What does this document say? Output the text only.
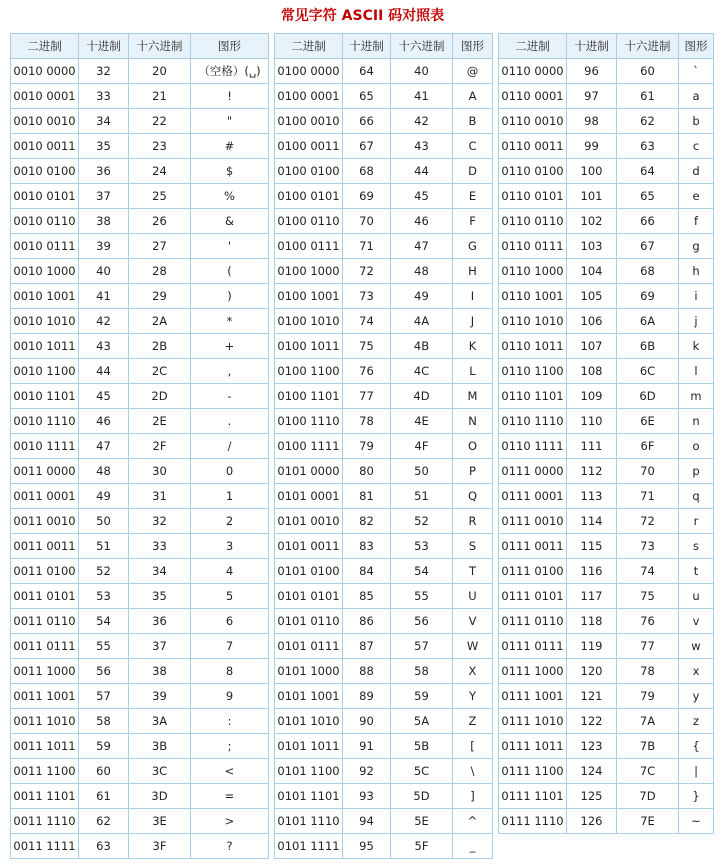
常见字符 ASCII 码对照表
二进制	十进制	十六进制	图形
0010 0000	32	20	（空格）(␣)
0010 0001	33	21	!
0010 0010	34	22	"
0010 0011	35	23	#
0010 0100	36	24	$
0010 0101	37	25	%
0010 0110	38	26	&
0010 0111	39	27	'
0010 1000	40	28	(
0010 1001	41	29	)
0010 1010	42	2A	*
0010 1011	43	2B	+
0010 1100	44	2C	,
0010 1101	45	2D	-
0010 1110	46	2E	.
0010 1111	47	2F	/
0011 0000	48	30	0
0011 0001	49	31	1
0011 0010	50	32	2
0011 0011	51	33	3
0011 0100	52	34	4
0011 0101	53	35	5
0011 0110	54	36	6
0011 0111	55	37	7
0011 1000	56	38	8
0011 1001	57	39	9
0011 1010	58	3A	:
0011 1011	59	3B	;
0011 1100	60	3C	<
0011 1101	61	3D	=
0011 1110	62	3E	>
0011 1111	63	3F	?
二进制	十进制	十六进制	图形
0100 0000	64	40	@
0100 0001	65	41	A
0100 0010	66	42	B
0100 0011	67	43	C
0100 0100	68	44	D
0100 0101	69	45	E
0100 0110	70	46	F
0100 0111	71	47	G
0100 1000	72	48	H
0100 1001	73	49	I
0100 1010	74	4A	J
0100 1011	75	4B	K
0100 1100	76	4C	L
0100 1101	77	4D	M
0100 1110	78	4E	N
0100 1111	79	4F	O
0101 0000	80	50	P
0101 0001	81	51	Q
0101 0010	82	52	R
0101 0011	83	53	S
0101 0100	84	54	T
0101 0101	85	55	U
0101 0110	86	56	V
0101 0111	87	57	W
0101 1000	88	58	X
0101 1001	89	59	Y
0101 1010	90	5A	Z
0101 1011	91	5B	[
0101 1100	92	5C	\
0101 1101	93	5D	]
0101 1110	94	5E	^
0101 1111	95	5F	_
二进制	十进制	十六进制	图形
0110 0000	96	60	`
0110 0001	97	61	a
0110 0010	98	62	b
0110 0011	99	63	c
0110 0100	100	64	d
0110 0101	101	65	e
0110 0110	102	66	f
0110 0111	103	67	g
0110 1000	104	68	h
0110 1001	105	69	i
0110 1010	106	6A	j
0110 1011	107	6B	k
0110 1100	108	6C	l
0110 1101	109	6D	m
0110 1110	110	6E	n
0110 1111	111	6F	o
0111 0000	112	70	p
0111 0001	113	71	q
0111 0010	114	72	r
0111 0011	115	73	s
0111 0100	116	74	t
0111 0101	117	75	u
0111 0110	118	76	v
0111 0111	119	77	w
0111 1000	120	78	x
0111 1001	121	79	y
0111 1010	122	7A	z
0111 1011	123	7B	{
0111 1100	124	7C	|
0111 1101	125	7D	}
0111 1110	126	7E	~
